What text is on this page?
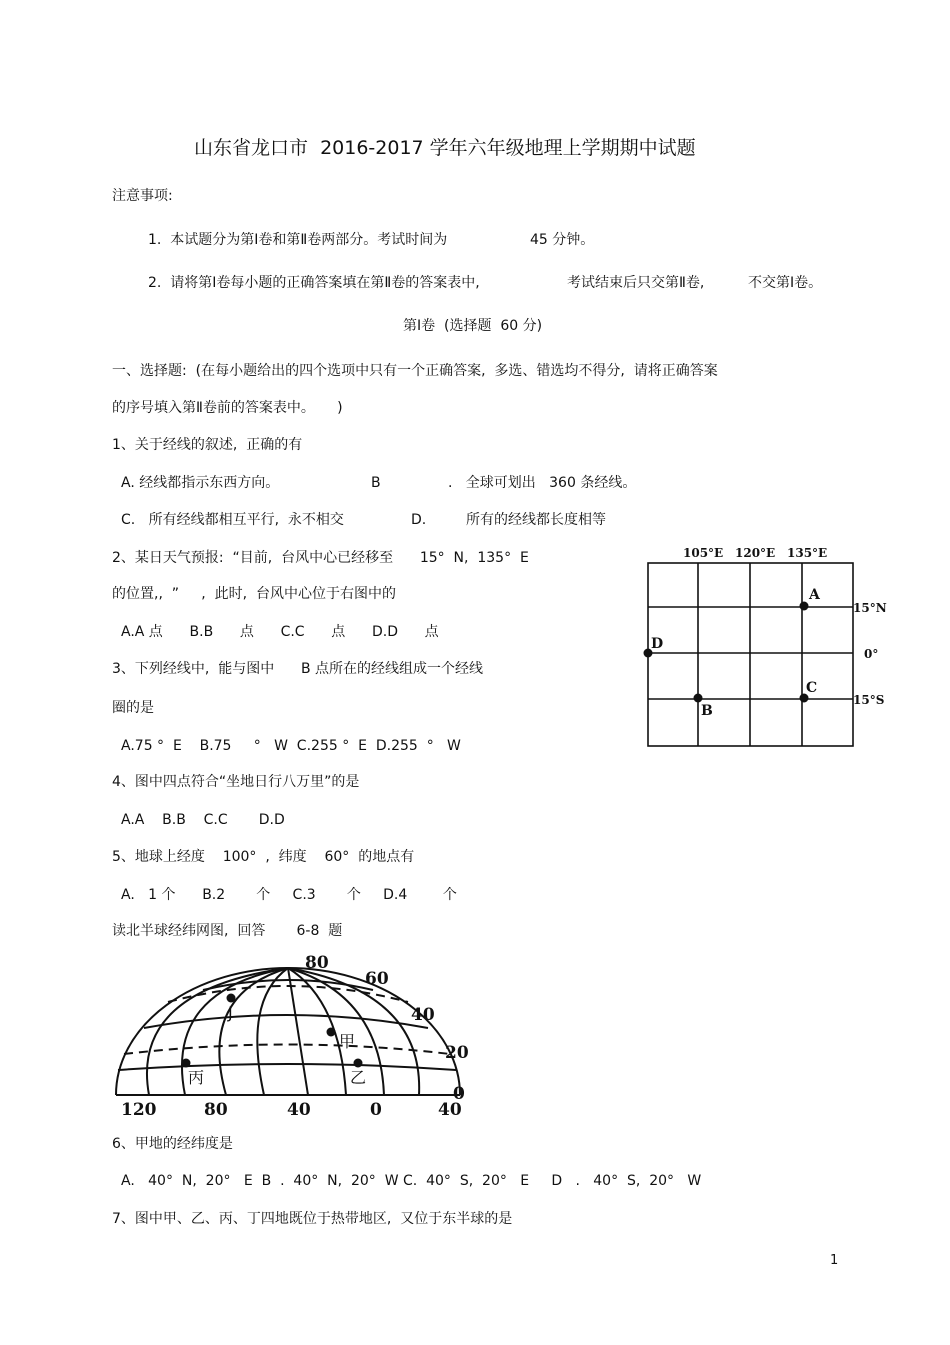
山东省龙口市  2016-2017 学年六年级地理上学期期中试题
注意事项:
1.  本试题分为第Ⅰ卷和第Ⅱ卷两部分。考试时间为	45 分钟。
2.  请将第Ⅰ卷每小题的正确答案填在第Ⅱ卷的答案表中,	考试结束后只交第Ⅱ卷,	不交第Ⅰ卷。
第Ⅰ卷  (选择题  60 分)
一、选择题:  (在每小题给出的四个选项中只有一个正确答案,  多选、错选均不得分,  请将正确答案
的序号填入第Ⅱ卷前的答案表中。     )
1、关于经线的叙述,  正确的有
A. 经线都指示东西方向。	B	.   全球可划出   360 条经线。
C.   所有经线都相互平行,  永不相交	D.	所有的经线都长度相等
2、某日天气预报:  “目前,  台风中心已经移至      15°  N,  135°  E
的位置,,  ”     ,  此时,  台风中心位于右图中的
A.A 点      B.B      点      C.C      点      D.D      点
3、下列经线中,  能与图中      B 点所在的经线组成一个经线
圈的是
A.75 °  E    B.75     °   W  C.255 °  E  D.255  °   W
4、图中四点符合“坐地日行八万里”的是
A.A    B.B    C.C       D.D
5、地球上经度    100°  ,  纬度    60°  的地点有
A.   1 个      B.2       个     C.3       个     D.4        个
读北半球经纬网图,  回答       6-8  题
6、甲地的经纬度是
A.   40°  N,  20°   E  B  .  40°  N,  20°  W C.  40°  S,  20°   E     D   .   40°  S,  20°   W
7、图中甲、乙、丙、丁四地既位于热带地区,  又位于东半球的是
1
105°E 120°E 135°E
15°N
0°
15°S
A
B
C
D
J
甲
乙
丙
80
60
40
20
0
120	80	40	0	40
